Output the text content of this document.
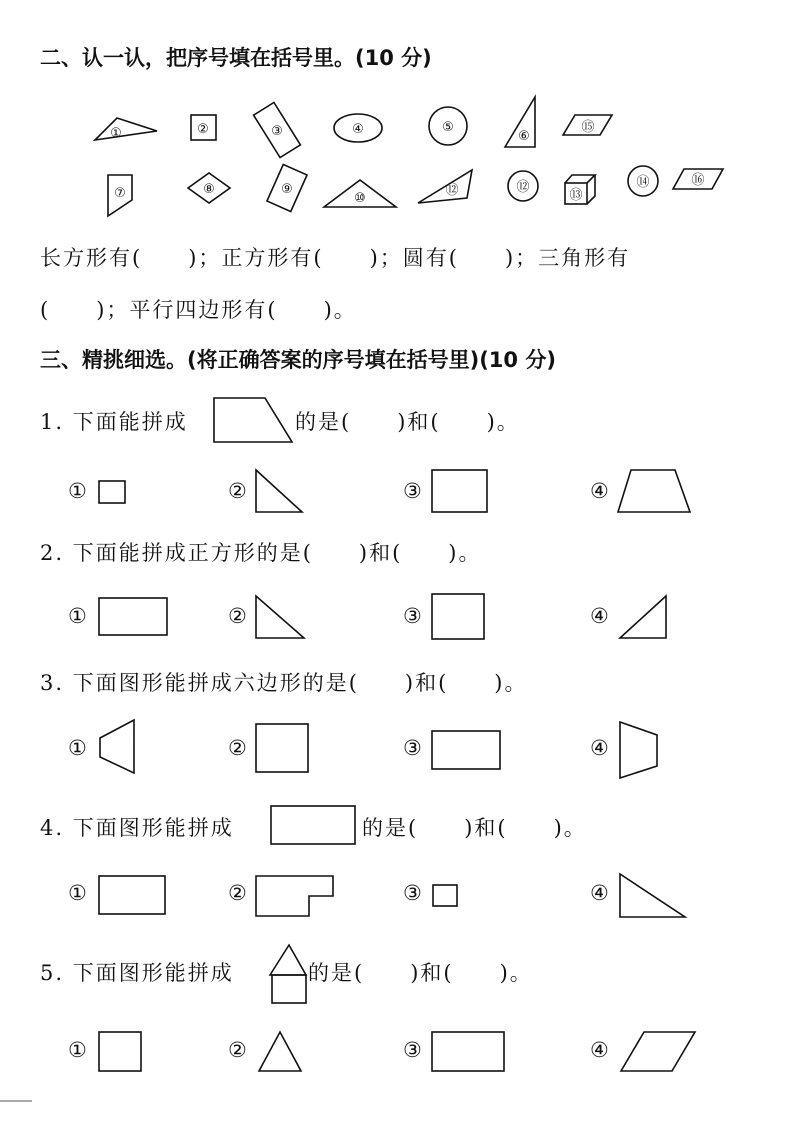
二、认一认，把序号填在括号里。(10 分)
①	②	③	④	⑤
⑥
⑮
⑦	⑧	⑨
⑩
⑫	⑫
⑬
⑭	⑯
长方形有(　　)；正方形有(　　)；圆有(　　)；三角形有
(　　)；平行四边形有(　　)。
三、精挑细选。(将正确答案的序号填在括号里)(10 分)
1. 下面能拼成	的是(　　)和(　　)。
2. 下面能拼成正方形的是(　　)和(　　)。
3. 下面图形能拼成六边形的是(　　)和(　　)。
4. 下面图形能拼成	的是(　　)和(　　)。
5. 下面图形能拼成	的是(　　)和(　　)。
①	②	③	④
①	②	③	④
①	②	③	④
①	②	③	④
①	②	③	④
